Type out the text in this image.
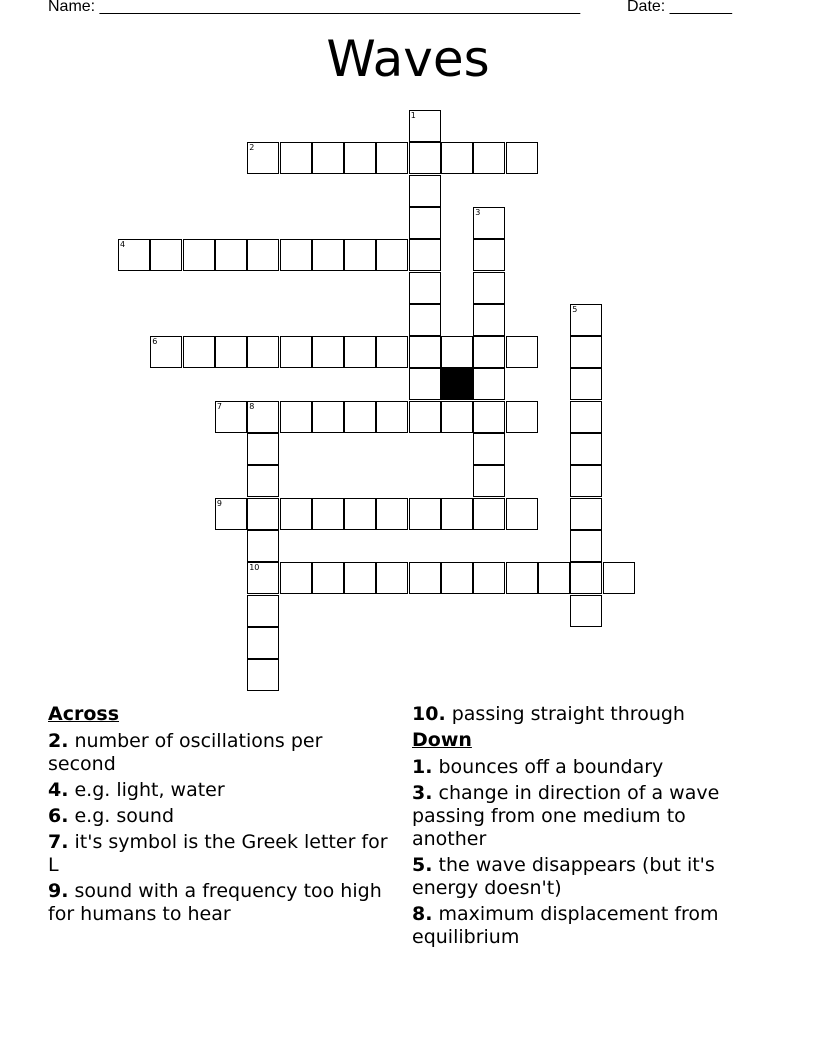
Name: ______________________________________________________	Date: _______
Waves
1
2
3
4
5
6
7	8
9
10
Across
2. number of oscillations per second
4. e.g. light, water
6. e.g. sound
7. it's symbol is the Greek letter for L
9. sound with a frequency too high for humans to hear
10. passing straight through
Down
1. bounces off a boundary
3. change in direction of a wave passing from one medium to another
5. the wave disappears (but it's energy doesn't)
8. maximum displacement from equilibrium
